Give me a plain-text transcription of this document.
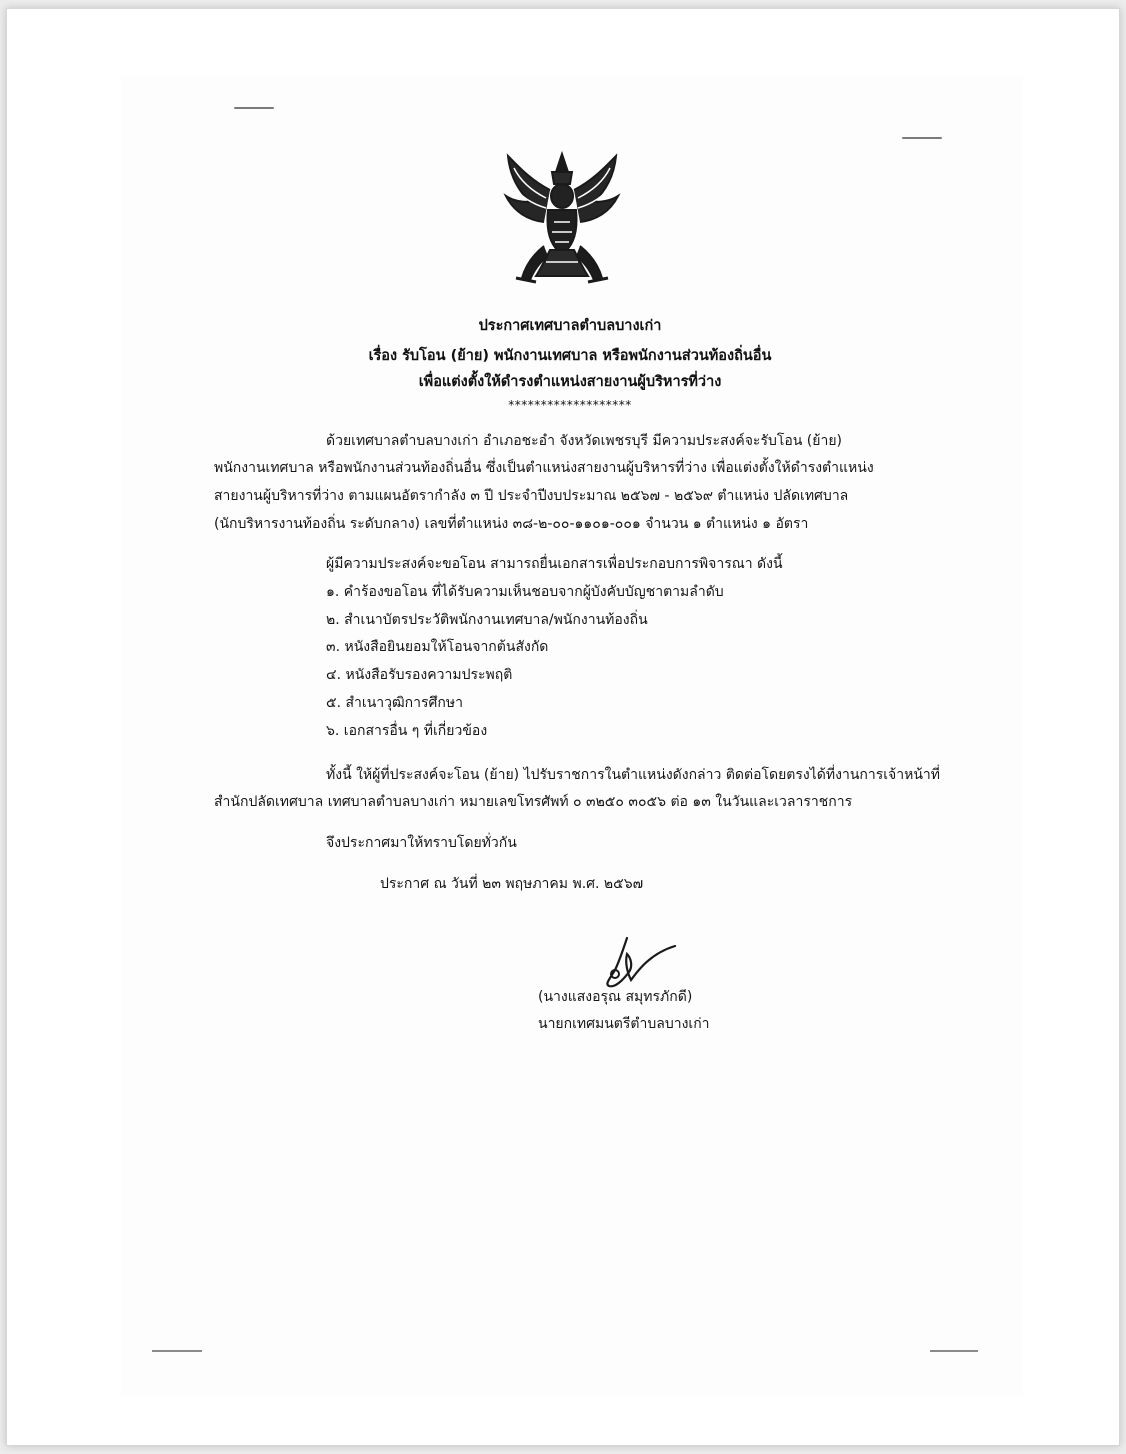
ประกาศเทศบาลตำบลบางเก่า
เรื่อง รับโอน (ย้าย) พนักงานเทศบาล หรือพนักงานส่วนท้องถิ่นอื่น
เพื่อแต่งตั้งให้ดำรงตำแหน่งสายงานผู้บริหารที่ว่าง
*******************
ด้วยเทศบาลตำบลบางเก่า อำเภอชะอำ จังหวัดเพชรบุรี มีความประสงค์จะรับโอน (ย้าย)
พนักงานเทศบาล หรือพนักงานส่วนท้องถิ่นอื่น ซึ่งเป็นตำแหน่งสายงานผู้บริหารที่ว่าง เพื่อแต่งตั้งให้ดำรงตำแหน่ง
สายงานผู้บริหารที่ว่าง ตามแผนอัตรากำลัง ๓ ปี ประจำปีงบประมาณ ๒๕๖๗ - ๒๕๖๙ ตำแหน่ง ปลัดเทศบาล
(นักบริหารงานท้องถิ่น ระดับกลาง) เลขที่ตำแหน่ง ๓๘-๒-๐๐-๑๑๐๑-๐๐๑ จำนวน ๑ ตำแหน่ง ๑ อัตรา
ผู้มีความประสงค์จะขอโอน สามารถยื่นเอกสารเพื่อประกอบการพิจารณา ดังนี้
๑. คำร้องขอโอน ที่ได้รับความเห็นชอบจากผู้บังคับบัญชาตามลำดับ
๒. สำเนาบัตรประวัติพนักงานเทศบาล/พนักงานท้องถิ่น
๓. หนังสือยินยอมให้โอนจากต้นสังกัด
๔. หนังสือรับรองความประพฤติ
๕. สำเนาวุฒิการศึกษา
๖. เอกสารอื่น ๆ ที่เกี่ยวข้อง
ทั้งนี้ ให้ผู้ที่ประสงค์จะโอน (ย้าย) ไปรับราชการในตำแหน่งดังกล่าว ติดต่อโดยตรงได้ที่งานการเจ้าหน้าที่
สำนักปลัดเทศบาล เทศบาลตำบลบางเก่า หมายเลขโทรศัพท์ ๐ ๓๒๕๐ ๓๐๕๖ ต่อ ๑๓ ในวันและเวลาราชการ
จึงประกาศมาให้ทราบโดยทั่วกัน
ประกาศ ณ วันที่ ๒๓ พฤษภาคม พ.ศ. ๒๕๖๗
(นางแสงอรุณ สมุทรภักดี)
นายกเทศมนตรีตำบลบางเก่า
